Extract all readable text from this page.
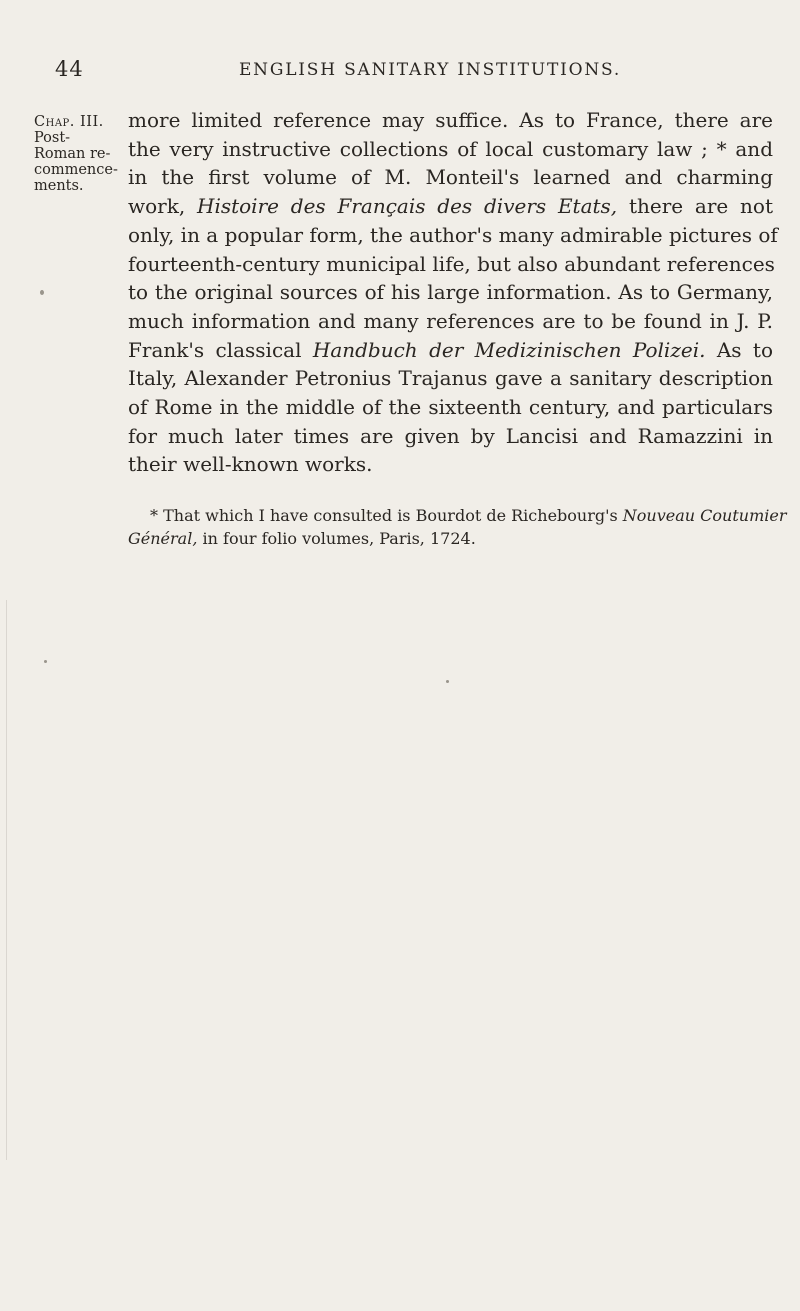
44	ENGLISH SANITARY INSTITUTIONS.
Chap. III.
Post-
Roman re-
commence-
ments.
more limited reference may suffice. As to France, there are
the very instructive collections of local customary law ; * and
in the first volume of M. Monteil's learned and charming
work, Histoire des Français des divers Etats, there are not
only, in a popular form, the author's many admirable pictures of
fourteenth-century municipal life, but also abundant references
to the original sources of his large information. As to Germany,
much information and many references are to be found in J. P.
Frank's classical Handbuch der Medizinischen Polizei. As to
Italy, Alexander Petronius Trajanus gave a sanitary description
of Rome in the middle of the sixteenth century, and particulars
for much later times are given by Lancisi and Ramazzini in
their well-known works.
* That which I have consulted is Bourdot de Richebourg's Nouveau Coutumier
Général, in four folio volumes, Paris, 1724.
